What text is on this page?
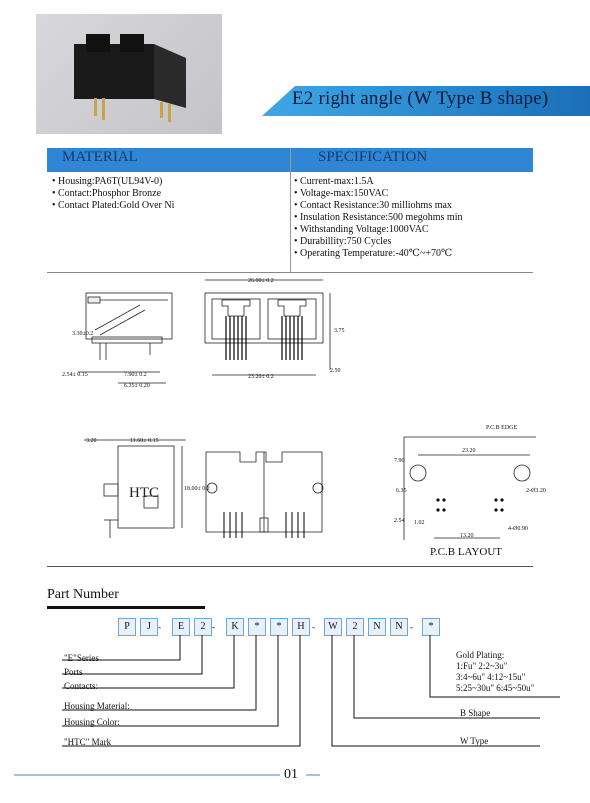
E2 right angle (W Type B shape)
MATERIAL	SPECIFICATION
• Housing:PA6T(UL94V-0)
• Contact:Phosphor Bronze
• Contact Plated:Gold Over Ni
• Current-max:1.5A
• Voltage-max:150VAC
• Contact Resistance:30 milliohms max
• Insulation Resistance:500 megohms min
• Withstanding Voltage:1000VAC
• Durabillity:750 Cycles
• Operating Temperature:-40℃~+70℃
2.54± 0.15	7.90± 0.2
6.35± 0.20
3.30±0.2
26.00± 0.2
23.20± 0.2
3.75
2.50
3.20	11.60± 0.15
18.00± 0.2
P.C.B EDGE
23.20
7.90
6.35
2.54 1.02
13.20
2-Ø3.20
4-Ø0.90
HTC
P.C.B LAYOUT
Part Number
P	J	E	2	K	*	*	H	W	2	N	N	*
-	-	-	-
"E"Series
Ports
Contacts:
Housing Material:
Housing Color:
"HTC" Mark
Gold Plating:
1:Fu" 2:2~3u"
3:4~6u" 4:12~15u"
5:25~30u" 6:45~50u"
B Shape
W Type
01
